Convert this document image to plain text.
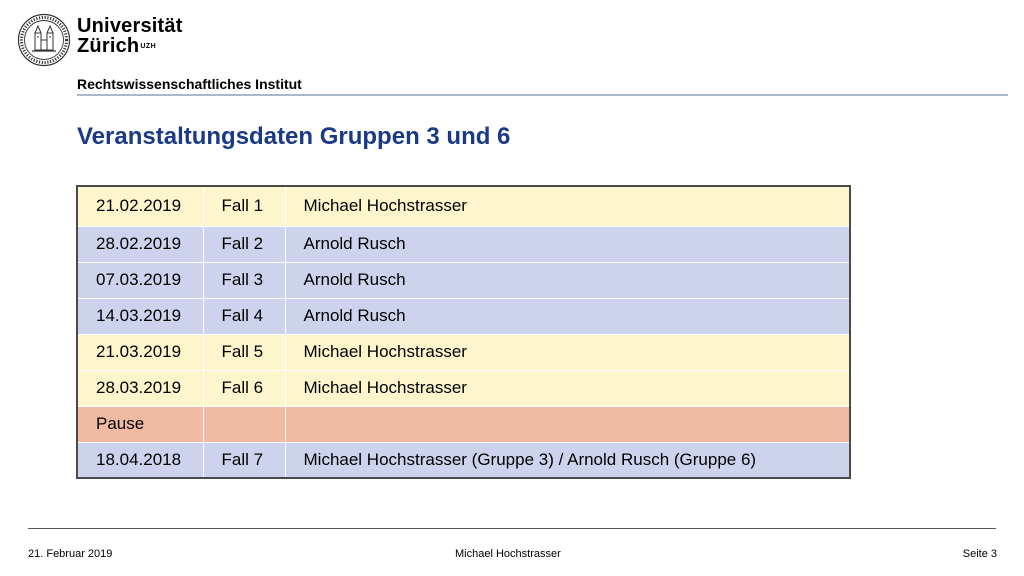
Universität
Zürich$^{UZH}$
Rechtswissenschaftliches Institut
Veranstaltungsdaten Gruppen 3 und 6
21.02.2019	Fall 1	Michael Hochstrasser
28.02.2019	Fall 2	Arnold Rusch
07.03.2019	Fall 3	Arnold Rusch
14.03.2019	Fall 4	Arnold Rusch
21.03.2019	Fall 5	Michael Hochstrasser
28.03.2019	Fall 6	Michael Hochstrasser
Pause		
18.04.2018	Fall 7	Michael Hochstrasser (Gruppe 3) / Arnold Rusch (Gruppe 6)
21. Februar 2019	Michael Hochstrasser	Seite 3
